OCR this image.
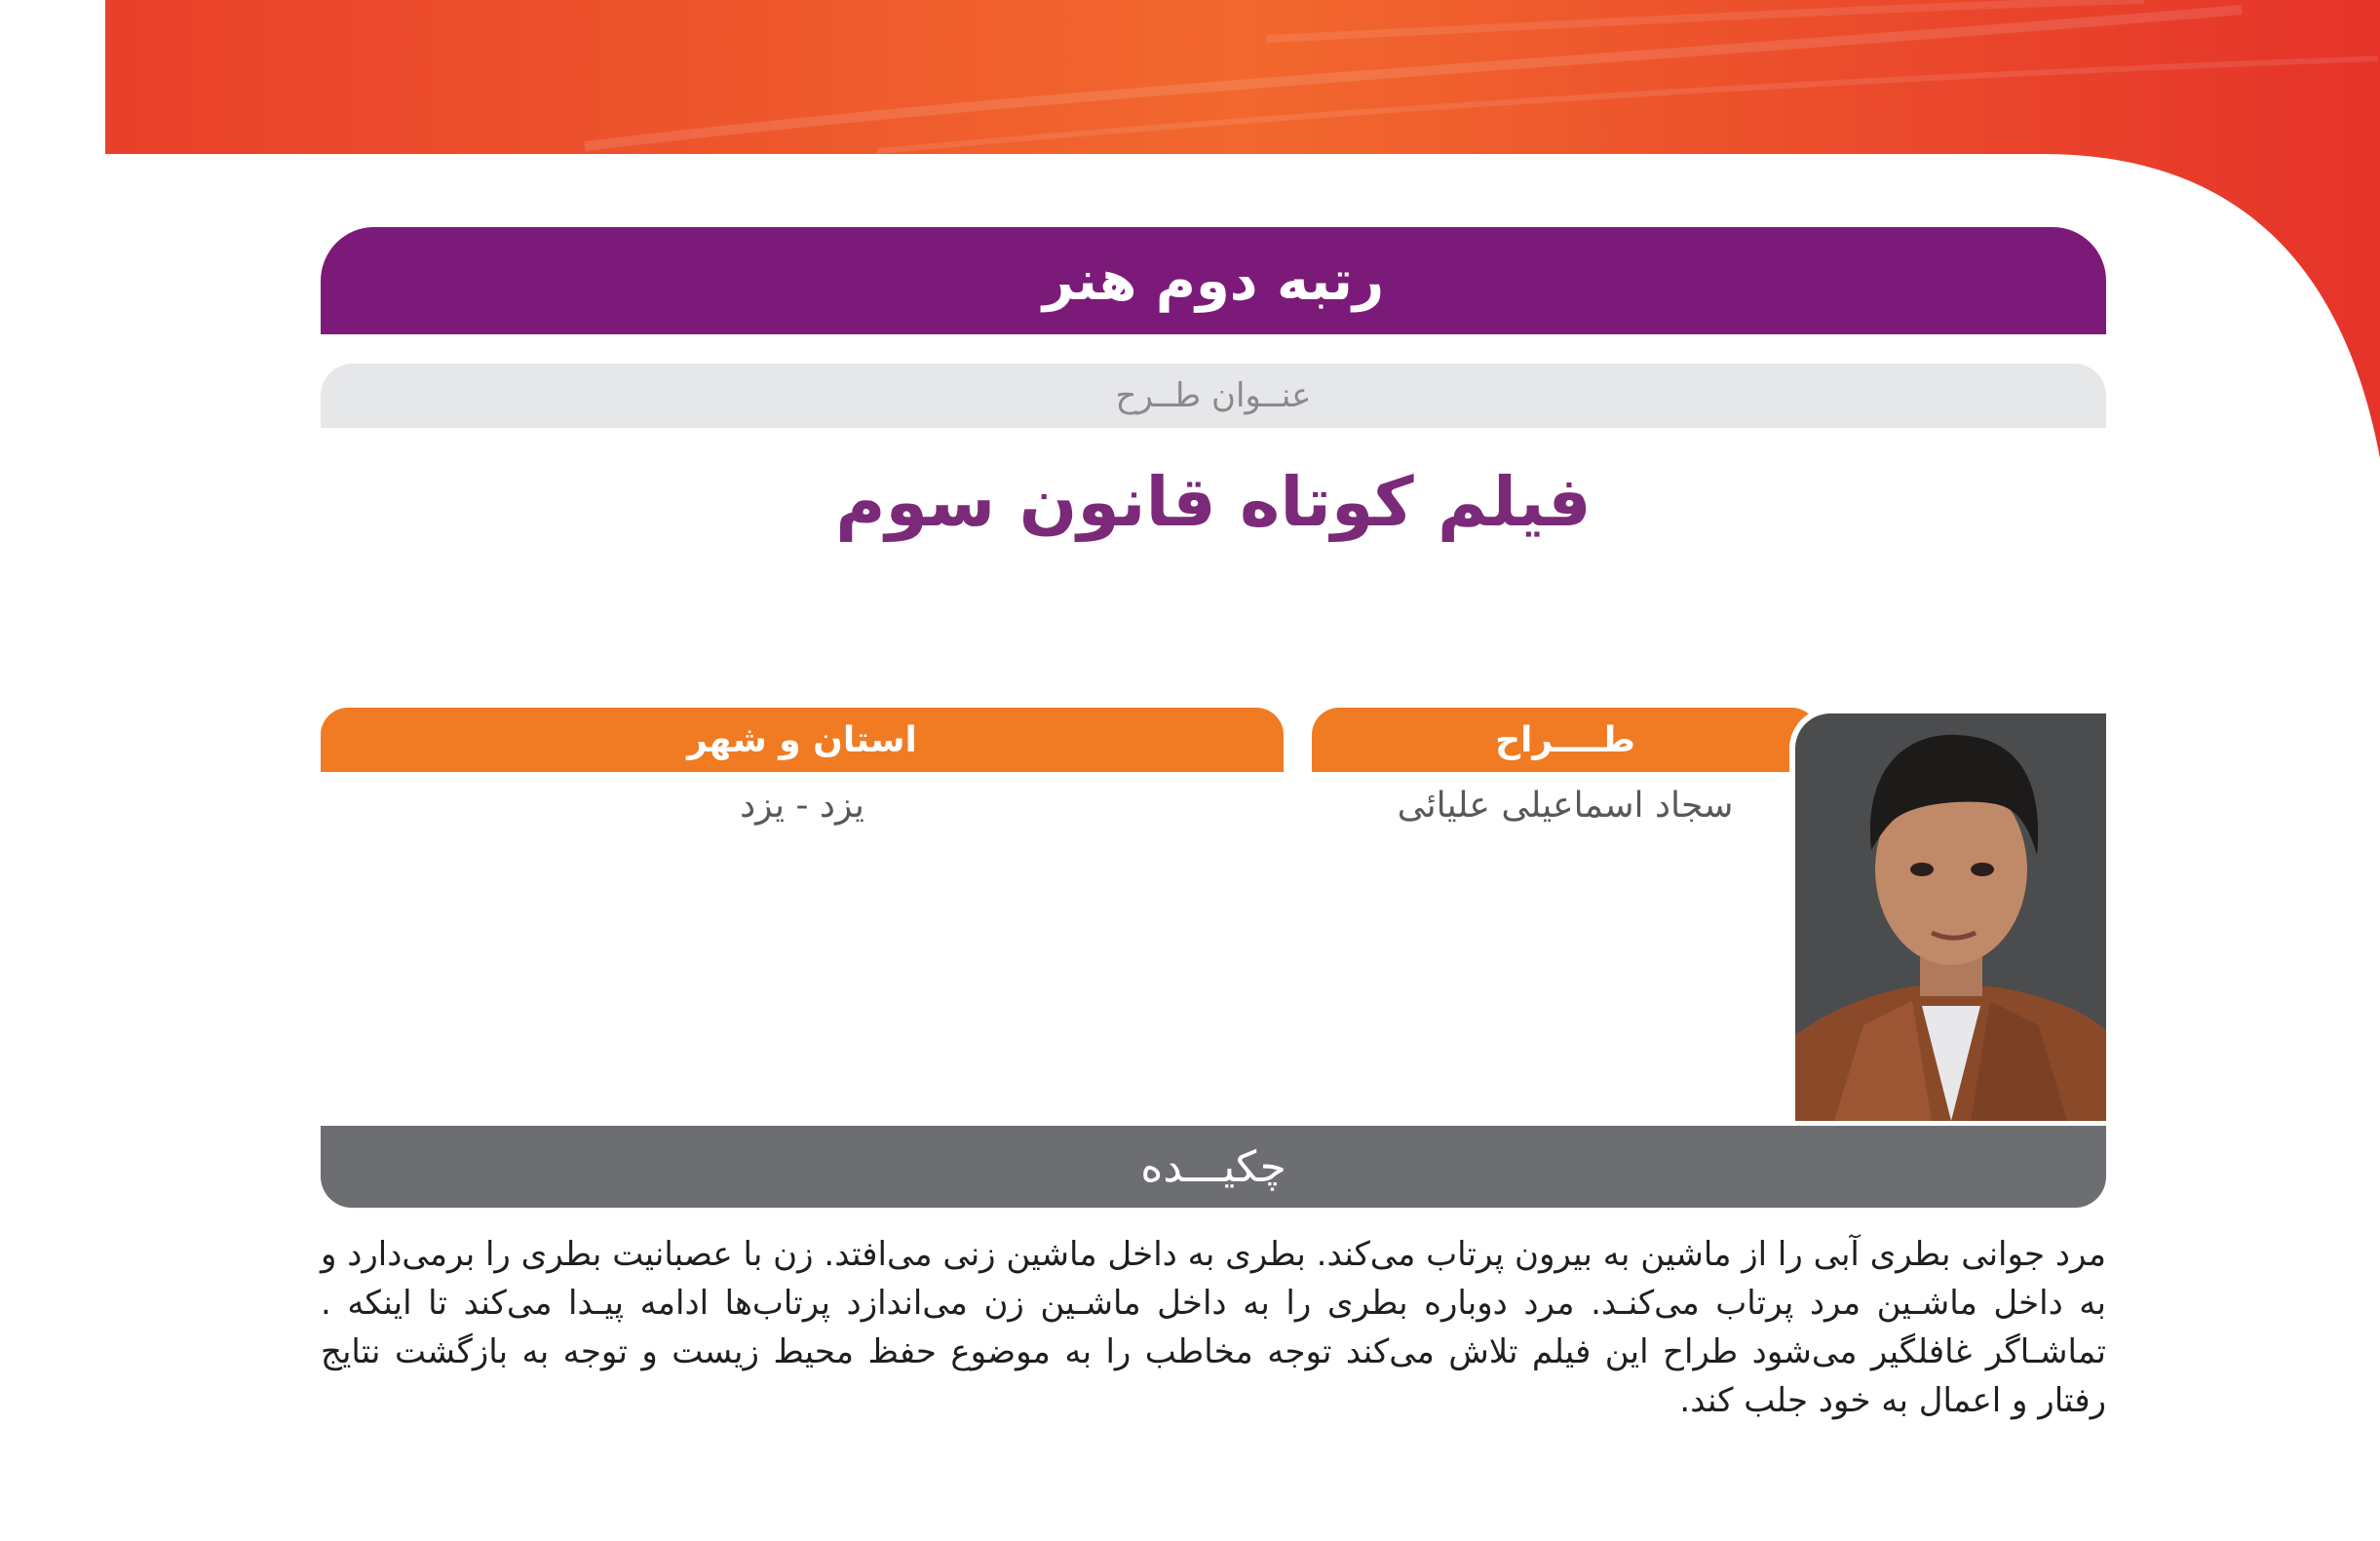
رتبه دوم هنر
عنــوان طــرح
فیلم کوتاه قانون سوم
طــــراح
سجاد اسماعیلی علیائی
استان و شهر
یزد - یزد
چکیـــده
مرد جوانی بطری آبی را از ماشین به بیرون پرتاب می‌کند. بطری به داخل ماشین زنی می‌افتد. زن با عصبانیت بطری را برمی‌دارد و به داخل ماشـین مرد پرتاب می‌کنـد. مرد دوباره بطری را به داخل ماشـین زن می‌اندازد پرتاب‌ها ادامه پیـدا می‌کند تا اینکه . تماشـاگر غافلگیر می‌شود طراح این فیلم تلاش می‌کند توجه مخاطب را به موضوع حفظ محیط زیست و توجه به بازگشت نتایج رفتار و اعمال به خود جلب کند.
